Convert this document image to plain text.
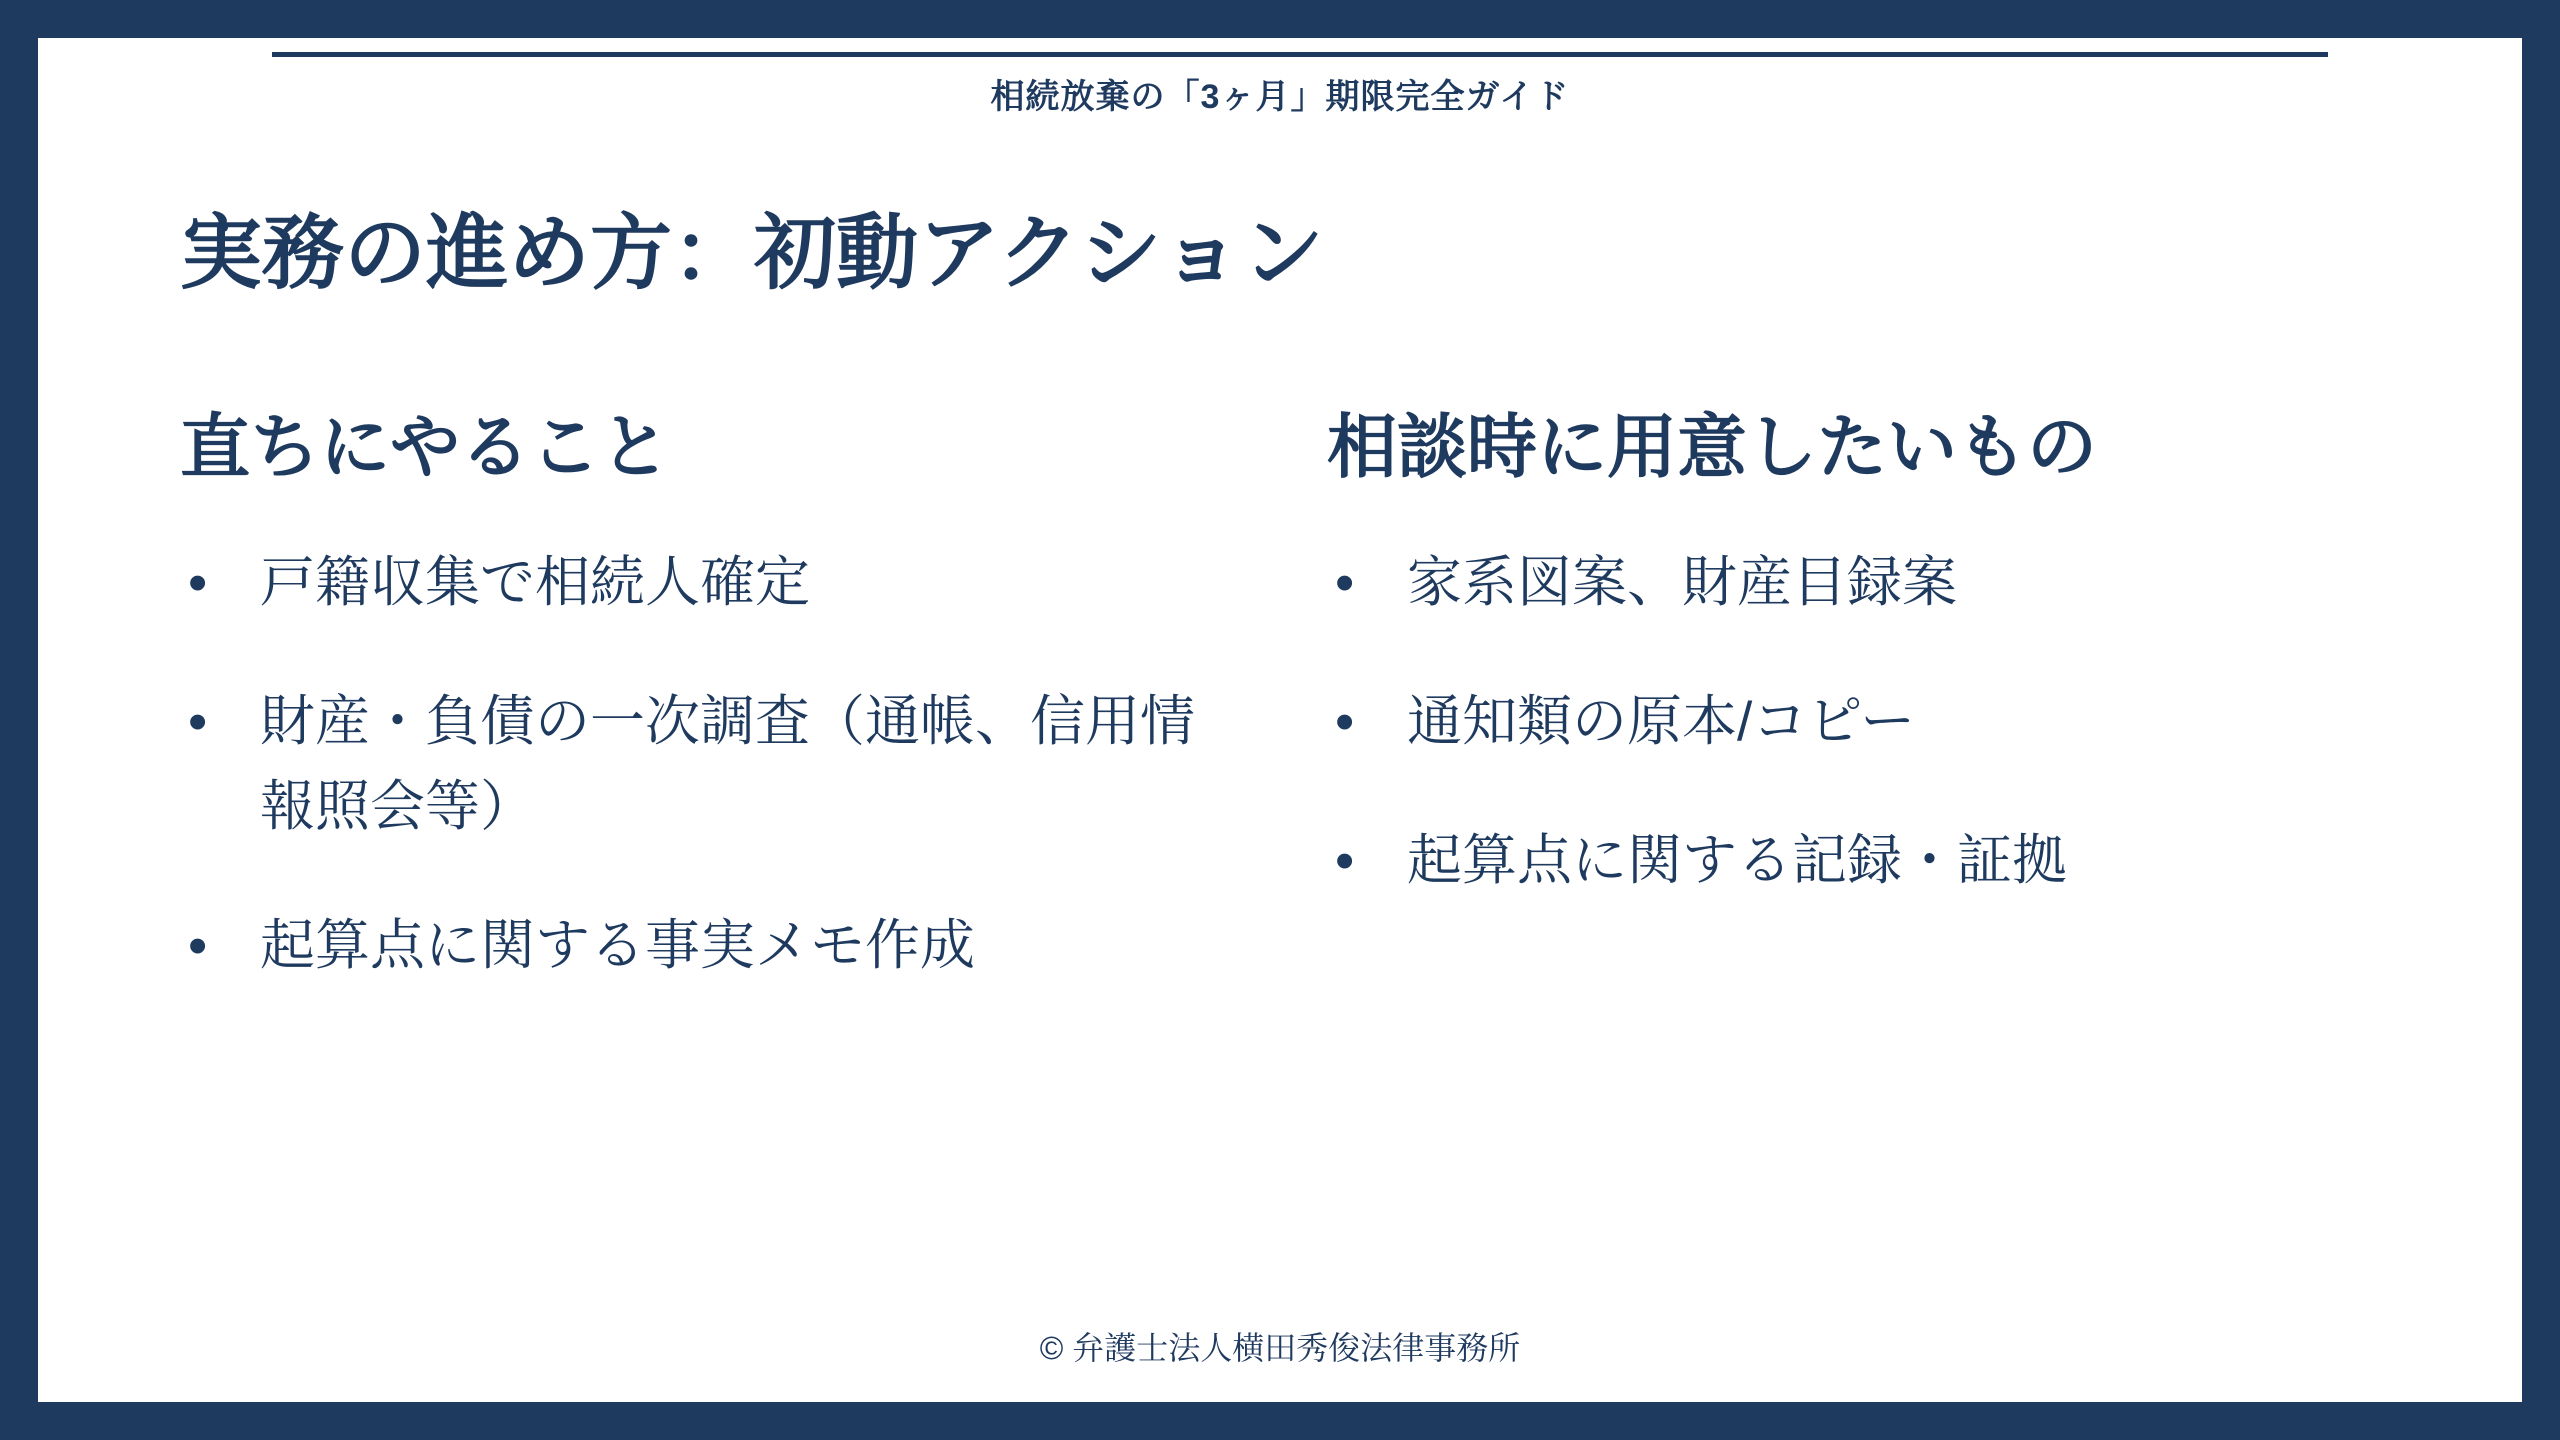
相続放棄の「3ヶ月」期限完全ガイド
実務の進め方：初動アクション
直ちにやること
• 戸籍収集で相続人確定
• 財産・負債の一次調査（通帳、信用情報照会等）
• 起算点に関する事実メモ作成
相談時に用意したいもの
• 家系図案、財産目録案
• 通知類の原本/コピー
• 起算点に関する記録・証拠
© 弁護士法人横田秀俊法律事務所
